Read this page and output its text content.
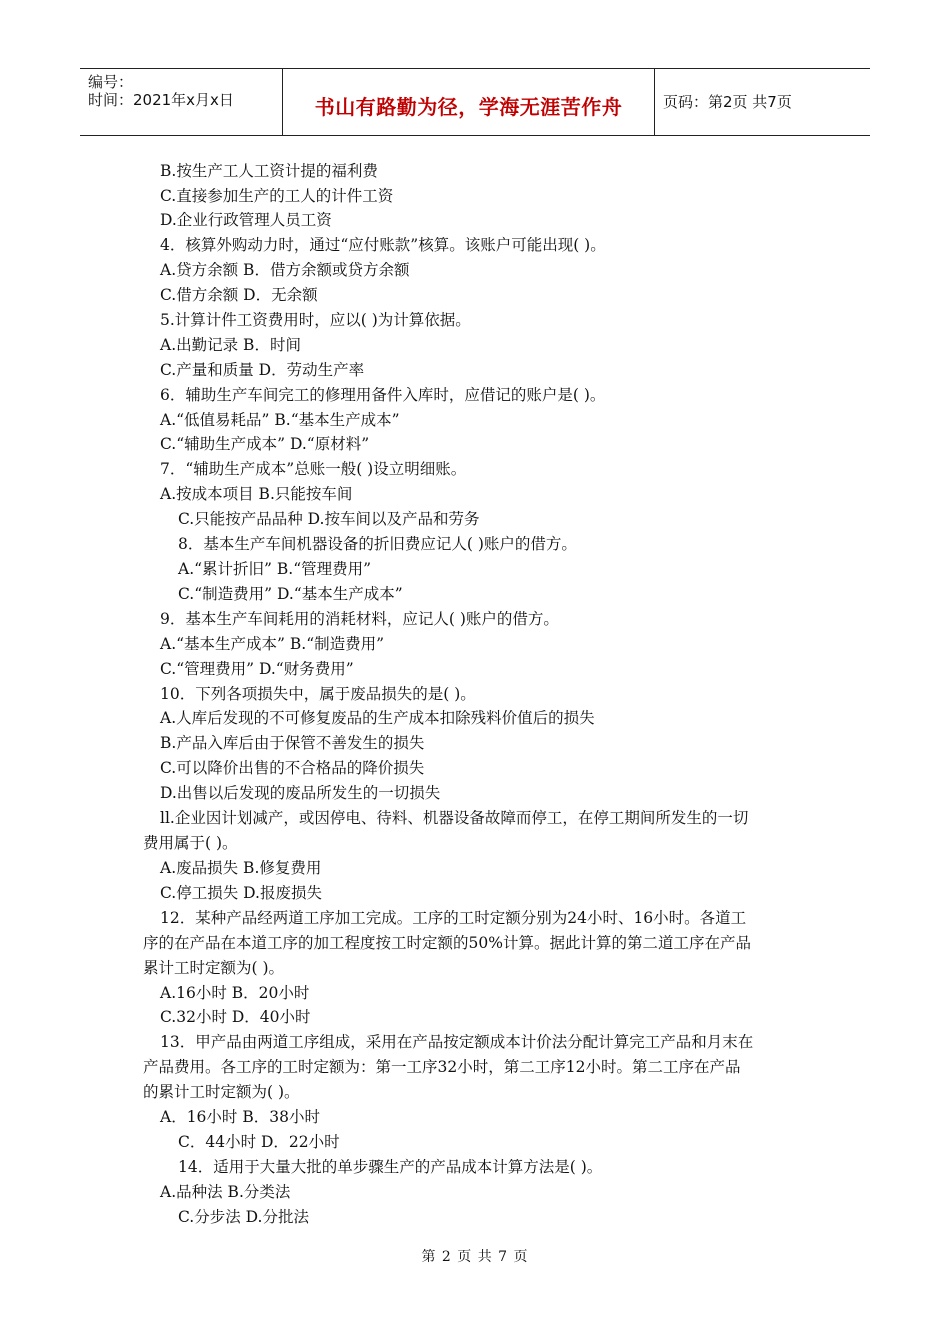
编号：
时间：2021年x月x日	书山有路勤为径，学海无涯苦作舟	页码：第2页 共7页
B.按生产工人工资计提的福利费
C.直接参加生产的工人的计件工资
D.企业行政管理人员工资
4．核算外购动力时，通过“应付账款”核算。该账户可能出现( )。
A.贷方余额 B．借方余额或贷方余额
C.借方余额 D．无余额
5.计算计件工资费用时，应以( )为计算依据。
A.出勤记录 B．时间
C.产量和质量 D．劳动生产率
6．辅助生产车间完工的修理用备件入库时，应借记的账户是( )。
A.“低值易耗品” B.“基本生产成本”
C.“辅助生产成本” D.“原材料”
7．“辅助生产成本”总账一般( )设立明细账。
A.按成本项目 B.只能按车间
C.只能按产品品种 D.按车间以及产品和劳务
8．基本生产车间机器设备的折旧费应记人( )账户的借方。
A.“累计折旧” B.“管理费用”
C.“制造费用” D.“基本生产成本”
9．基本生产车间耗用的消耗材料，应记人( )账户的借方。
A.“基本生产成本” B.“制造费用”
C.“管理费用” D.“财务费用”
10．下列各项损失中，属于废品损失的是( )。
A.人库后发现的不可修复废品的生产成本扣除残料价值后的损失
B.产品入库后由于保管不善发生的损失
C.可以降价出售的不合格品的降价损失
D.出售以后发现的废品所发生的一切损失
ll.企业因计划减产，或因停电、待料、机器设备故障而停工，在停工期间所发生的一切
费用属于( )。
A.废品损失 B.修复费用
C.停工损失 D.报废损失
12．某种产品经两道工序加工完成。工序的工时定额分别为24小时、16小时。各道工
序的在产品在本道工序的加工程度按工时定额的50%计算。据此计算的第二道工序在产品
累计工时定额为( )。
A.16小时 B．20小时
C.32小时 D．40小时
13．甲产品由两道工序组成，采用在产品按定额成本计价法分配计算完工产品和月末在
产品费用。各工序的工时定额为：第一工序32小时，第二工序12小时。第二工序在产品
的累计工时定额为( )。
A．16小时 B．38小时
C．44小时 D．22小时
14．适用于大量大批的单步骤生产的产品成本计算方法是( )。
A.品种法 B.分类法
C.分步法 D.分批法
第 2 页 共 7 页
